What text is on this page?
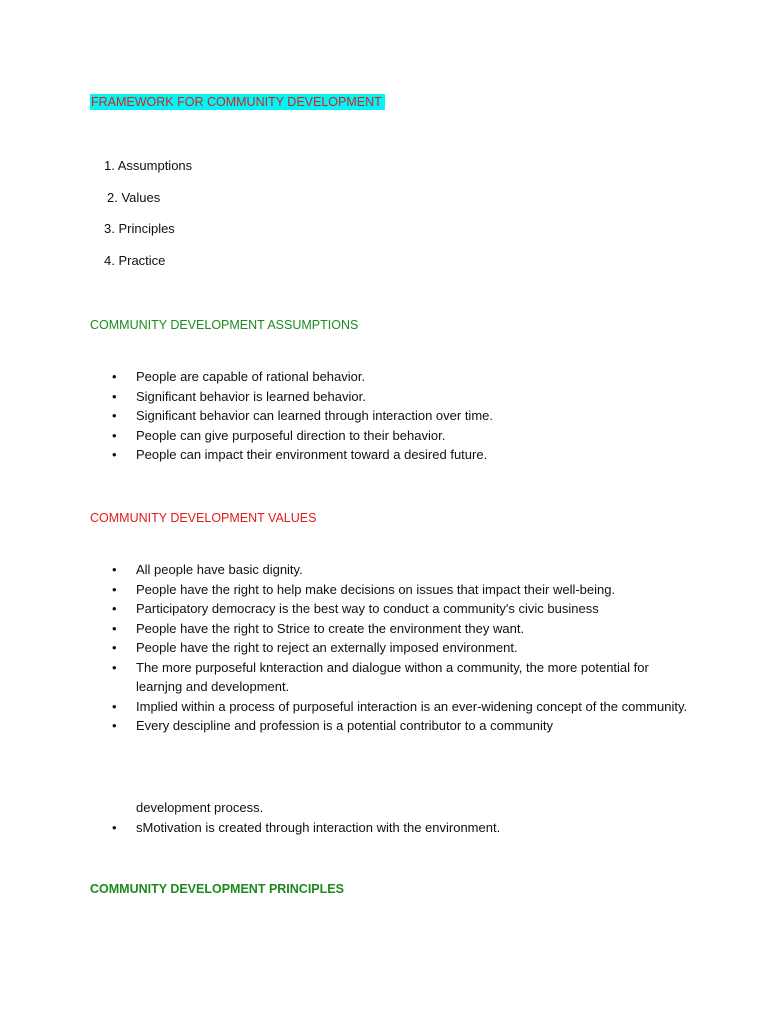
FRAMEWORK FOR COMMUNITY DEVELOPMENT
1. Assumptions
2. Values
3. Principles
4. Practice
COMMUNITY DEVELOPMENT ASSUMPTIONS
• People are capable of rational behavior.
• Significant behavior is learned behavior.
• Significant behavior can learned through interaction over time.
• People can give purposeful direction to their behavior.
• People can impact their environment toward a desired future.
COMMUNITY DEVELOPMENT VALUES
• All people have basic dignity.
• People have the right to help make decisions on issues that impact their well-being.
• Participatory democracy is the best way to conduct a community's civic business
• People have the right to Strice to create the environment they want.
• People have the right to reject an externally imposed environment.
• The more purposeful knteraction and dialogue withon a community, the more potential for learnjng and development.
• Implied within a process of purposeful interaction is an ever-widening concept of the community.
• Every descipline and profession is a potential contributor to a community
development process.
• sMotivation is created through interaction with the environment.
COMMUNITY DEVELOPMENT PRINCIPLES
